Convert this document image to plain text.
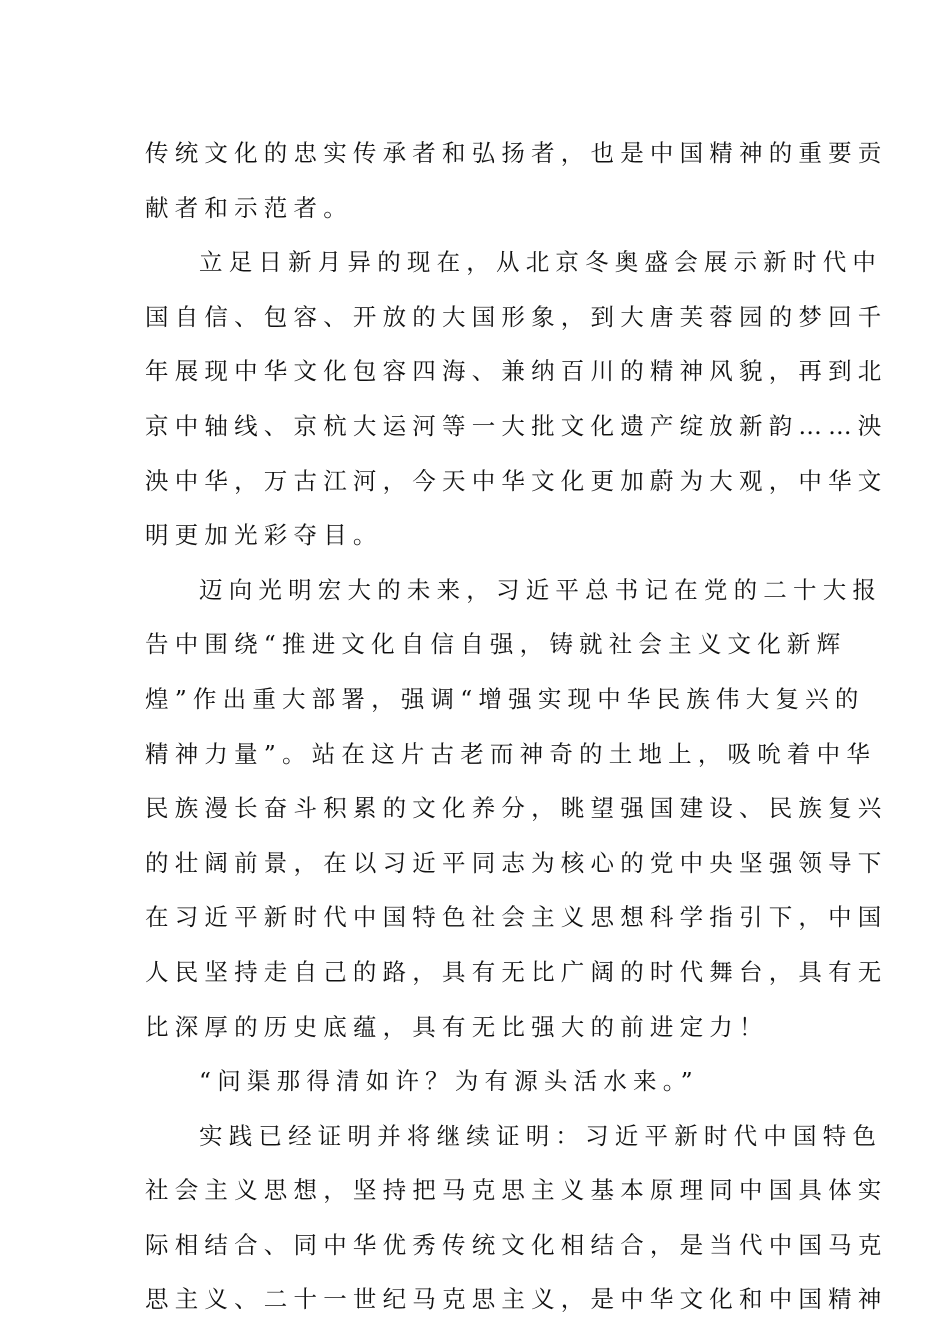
传统文化的忠实传承者和弘扬者，也是中国精神的重要贡
献者和示范者。
立足日新月异的现在，从北京冬奥盛会展示新时代中
国自信、包容、开放的大国形象，到大唐芙蓉园的梦回千
年展现中华文化包容四海、兼纳百川的精神风貌，再到北
京中轴线、京杭大运河等一大批文化遗产绽放新韵……泱
泱中华，万古江河，今天中华文化更加蔚为大观，中华文
明更加光彩夺目。
迈向光明宏大的未来，习近平总书记在党的二十大报
告中围绕“推进文化自信自强，铸就社会主义文化新辉
煌”作出重大部署，强调“增强实现中华民族伟大复兴的
精神力量”。站在这片古老而神奇的土地上，吸吮着中华
民族漫长奋斗积累的文化养分，眺望强国建设、民族复兴
的壮阔前景，在以习近平同志为核心的党中央坚强领导下
在习近平新时代中国特色社会主义思想科学指引下，中国
人民坚持走自己的路，具有无比广阔的时代舞台，具有无
比深厚的历史底蕴，具有无比强大的前进定力！
“问渠那得清如许？为有源头活水来。”
实践已经证明并将继续证明：习近平新时代中国特色
社会主义思想，坚持把马克思主义基本原理同中国具体实
际相结合、同中华优秀传统文化相结合，是当代中国马克
思主义、二十一世纪马克思主义，是中华文化和中国精神
